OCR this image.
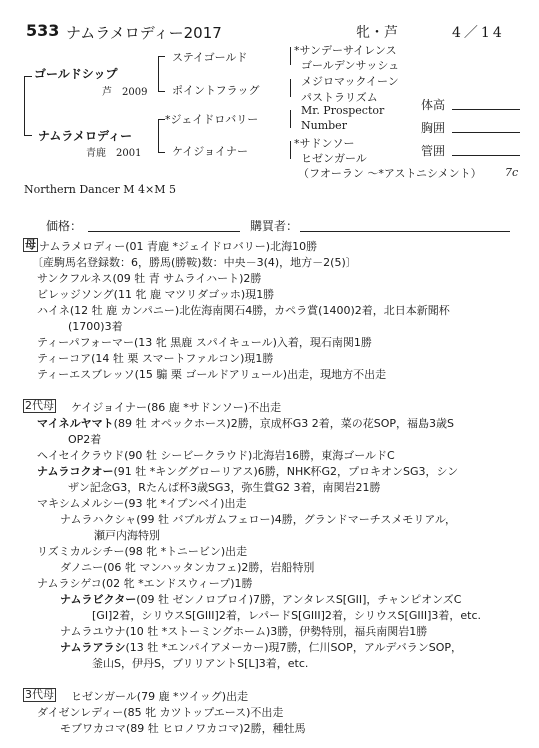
533 ナムラメロディー2017	牝・芦	4／14
ゴールドシップ
芦　2009
ナムラメロディー
青鹿　2001
ステイゴールド
ポイントフラッグ
*ジェイドロバリー
ケイジョイナー
*サンデーサイレンス
ゴールデンサッシュ
メジロマックイーン
パストラリズム
Mr. Prospector
Number
*サドンソー
ヒゼンガール
（フオーラン ～*アストニシメント） 7c
体高
胸囲
管囲
Northern Dancer M 4×M 5
価格：	購買者：
母 ナムラメロディー(01 青鹿 *ジェイドロバリー)北海10勝
〔産駒馬名登録数：6，勝馬(勝鞍)数：中央－3(4)，地方－2(5)〕
サンクフルネス(09 牡 青 サムライハート)2勝
ビレッジソング(11 牝 鹿 マツリダゴッホ)現1勝
ハイネ(12 牡 鹿 カンパニー)北佐海南関石4勝，カペラ賞(1400)2着，北日本新聞杯
(1700)3着
ティーパフォーマー(13 牝 黒鹿 スパイキュール)入着，現石南関1勝
ティーコア(14 牡 栗 スマートファルコン)現1勝
ティーエスブレッソ(15 騸 栗 ゴールドアリュール)出走，現地方不出走
2代母 ケイジョイナー(86 鹿 *サドンソー)不出走
マイネルヤマト(89 牡 オペックホース)2勝，京成杯G3 2着，菜の花SOP，福島3歳S
OP2着
ヘイセイクラウド(90 牡 シービークラウド)北海岩16勝，東海ゴールドC
ナムラコクオー(91 牡 *キンググローリアス)6勝，NHK杯G2，プロキオンSG3，シン
ザン記念G3，Rたんぱ杯3歳SG3，弥生賞G2 3着，南関岩21勝
マキシムメルシー(93 牝 *イブンベイ)出走
ナムラハクシャ(99 牡 バブルガムフェロー)4勝，グランドマーチスメモリアル，
瀬戸内海特別
リズミカルシチー(98 牝 *トニービン)出走
ダノニー(06 牝 マンハッタンカフェ)2勝，岩船特別
ナムラシゲコ(02 牝 *エンドスウィープ)1勝
ナムラビクター(09 牡 ゼンノロブロイ)7勝，アンタレスS[GII]，チャンピオンズC
[GI]2着，シリウスS[GIII]2着，レパードS[GIII]2着，シリウスS[GIII]3着，etc.
ナムラユウナ(10 牡 *ストーミングホーム)3勝，伊勢特別，福兵南関岩1勝
ナムラアラシ(13 牡 *エンパイアメーカー)現7勝，仁川SOP，アルデバランSOP，
釜山S，伊丹S，ブリリアントS[L]3着，etc.
3代母 ヒゼンガール(79 鹿 *ツイッグ)出走
ダイゼンレディー(85 牝 カツトップエース)不出走
モブワカコマ(89 牡 ヒロノワカコマ)2勝，種牡馬
